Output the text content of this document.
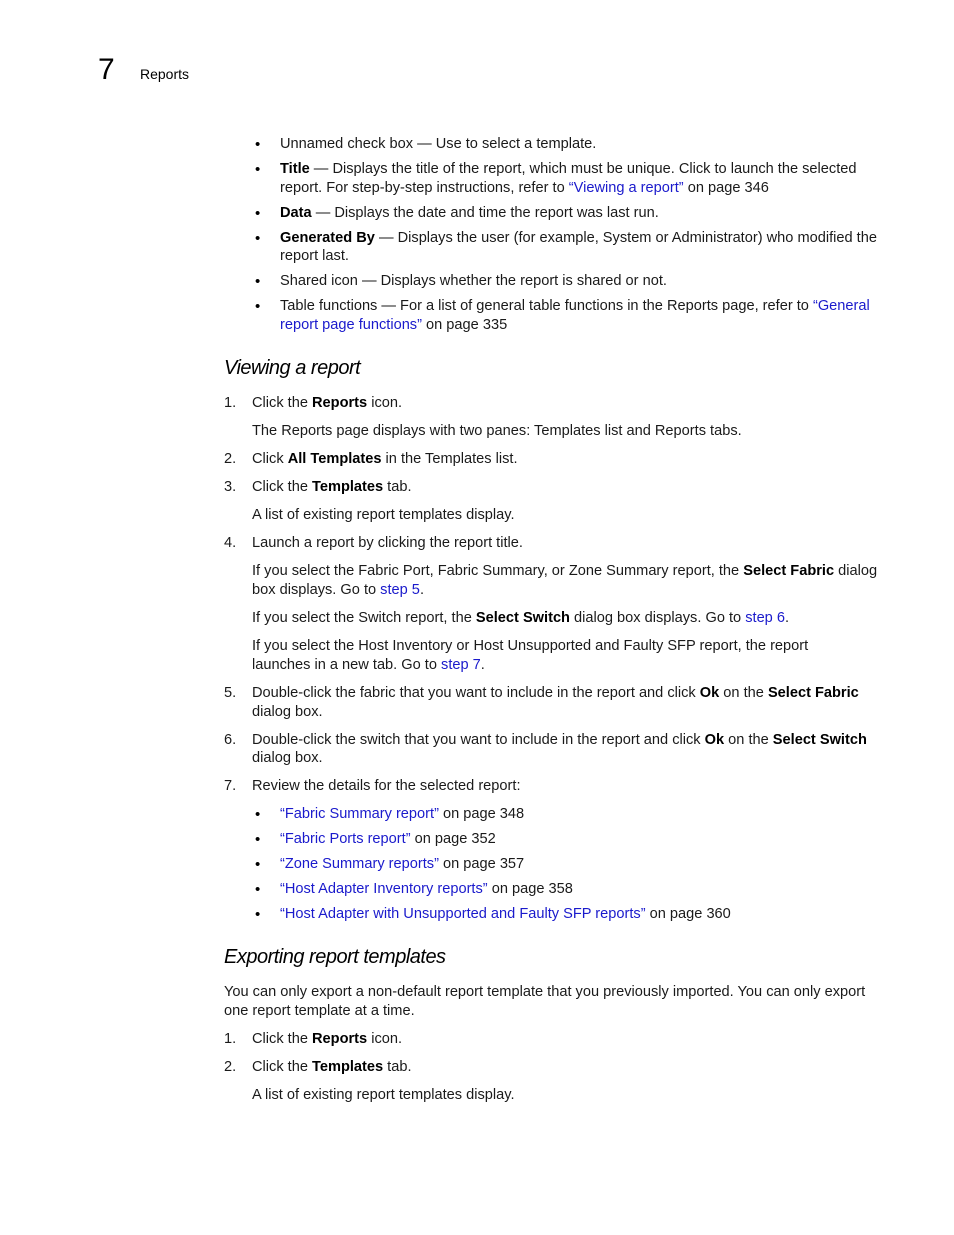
7 Reports
• Unnamed check box — Use to select a template.
• Title — Displays the title of the report, which must be unique. Click to launch the selected
report. For step-by-step instructions, refer to “Viewing a report” on page 346
• Data — Displays the date and time the report was last run.
• Generated By — Displays the user (for example, System or Administrator) who modified the
report last.
• Shared icon — Displays whether the report is shared or not.
• Table functions — For a list of general table functions in the Reports page, refer to “General
report page functions” on page 335
Viewing a report
1. Click the Reports icon.
The Reports page displays with two panes: Templates list and Reports tabs.
2. Click All Templates in the Templates list.
3. Click the Templates tab.
A list of existing report templates display.
4. Launch a report by clicking the report title.
If you select the Fabric Port, Fabric Summary, or Zone Summary report, the Select Fabric dialog
box displays. Go to step 5.
If you select the Switch report, the Select Switch dialog box displays. Go to step 6.
If you select the Host Inventory or Host Unsupported and Faulty SFP report, the report
launches in a new tab. Go to step 7.
5. Double-click the fabric that you want to include in the report and click Ok on the Select Fabric
dialog box.
6. Double-click the switch that you want to include in the report and click Ok on the Select Switch
dialog box.
7. Review the details for the selected report:
• “Fabric Summary report” on page 348
• “Fabric Ports report” on page 352
• “Zone Summary reports” on page 357
• “Host Adapter Inventory reports” on page 358
• “Host Adapter with Unsupported and Faulty SFP reports” on page 360
Exporting report templates
You can only export a non-default report template that you previously imported. You can only export
one report template at a time.
1. Click the Reports icon.
2. Click the Templates tab.
A list of existing report templates display.
